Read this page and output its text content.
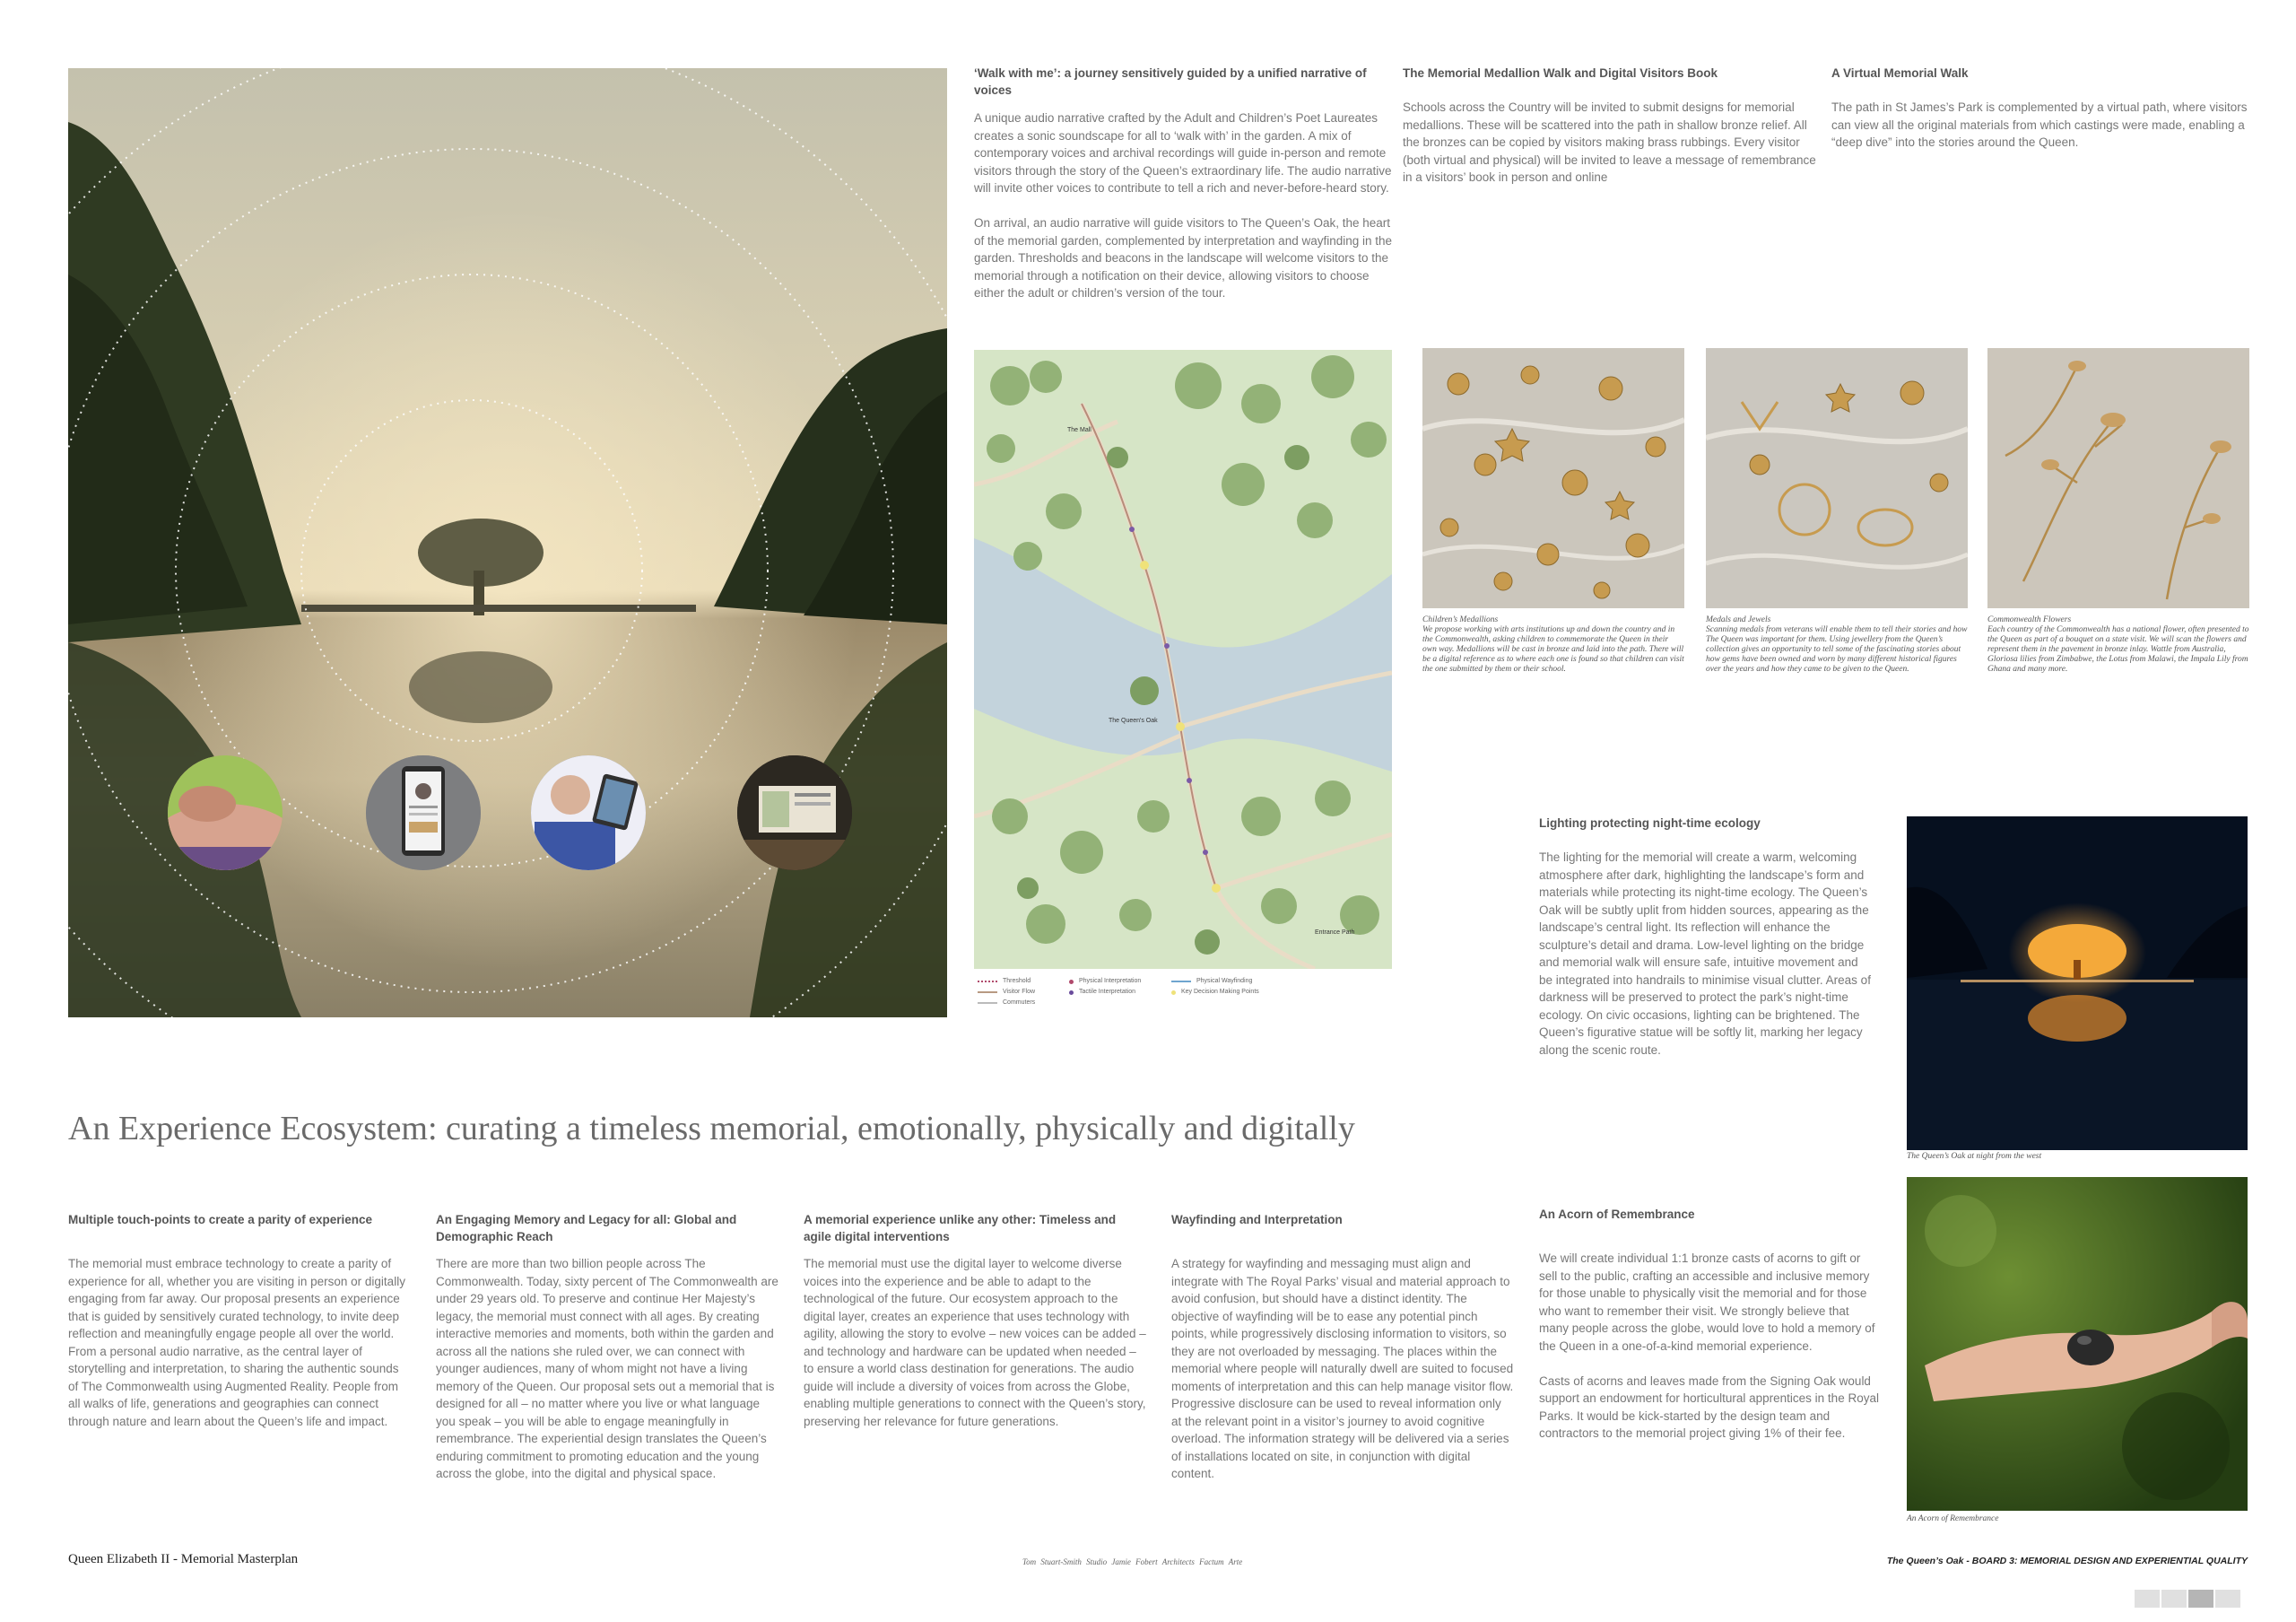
‘Walk with me’: a journey sensitively guided by a unified narrative of voices
A unique audio narrative crafted by the Adult and Children’s Poet Laureates creates a sonic soundscape for all to ‘walk with’ in the garden. A mix of contemporary voices and archival recordings will guide in-person and remote visitors through the story of the Queen’s extraordinary life. The audio narrative will invite other voices to contribute to tell a rich and never-before-heard story.

On arrival, an audio narrative will guide visitors to The Queen’s Oak, the heart of the memorial garden, complemented by interpretation and wayfinding in the garden. Thresholds and beacons in the landscape will welcome visitors to the memorial through a notification on their device, allowing visitors to choose either the adult or children’s version of the tour.
The Memorial Medallion Walk and Digital Visitors Book
Schools across the Country will be invited to submit designs for memorial medallions. These will be scattered into the path in shallow bronze relief. All the bronzes can be copied by visitors making brass rubbings. Every visitor (both virtual and physical) will be invited to leave a message of remembrance in a visitors’ book in person and online
A Virtual Memorial Walk
The path in St James’s Park is complemented by a virtual path, where visitors can view all the original materials from which castings were made, enabling a “deep dive” into the stories around the Queen.
The Mall
The Queen's Oak
Entrance Path
Threshold
Visitor Flow
Commuters
Physical Interpretation
Tactile Interpretation
Physical Wayfinding
Key Decision Making Points
Children’s Medallions
We propose working with arts institutions up and down the country and in the Commonwealth, asking children to commemorate the Queen in their own way. Medallions will be cast in bronze and laid into the path. There will be a digital reference as to where each one is found so that children can visit the one submitted by them or their school.
Medals and Jewels
Scanning medals from veterans will enable them to tell their stories and how The Queen was important for them. Using jewellery from the Queen’s collection gives an opportunity to tell some of the fascinating stories about how gems have been owned and worn by many different historical figures over the years and how they came to be given to the Queen.
Commonwealth Flowers
Each country of the Commonwealth has a national flower, often presented to the Queen as part of a bouquet on a state visit. We will scan the flowers and represent them in the pavement in bronze inlay. Wattle from Australia, Gloriosa lilies from Zimbabwe, the Lotus from Malawi, the Impala Lily from Ghana and many more.
Lighting protecting night-time ecology
The lighting for the memorial will create a warm, welcoming atmosphere after dark, highlighting the landscape’s form and materials while protecting its night-time ecology. The Queen’s Oak will be subtly uplit from hidden sources, appearing as the landscape’s central light. Its reflection will enhance the sculpture’s detail and drama. Low-level lighting on the bridge and memorial walk will ensure safe, intuitive movement and be integrated into handrails to minimise visual clutter. Areas of darkness will be preserved to protect the park’s night-time ecology. On civic occasions, lighting can be brightened. The Queen’s figurative statue will be softly lit, marking her legacy along the scenic route.
The Queen’s Oak at night from the west
An Experience Ecosystem: curating a timeless memorial, emotionally, physically and digitally
Multiple touch-points to create a parity of experience
The memorial must embrace technology to create a parity of experience for all, whether you are visiting in person or digitally engaging from far away. Our proposal presents an experience that is guided by sensitively curated technology, to invite deep reflection and meaningfully engage people all over the world. From a personal audio narrative, as the central layer of storytelling and interpretation, to sharing the authentic sounds of The Commonwealth using Augmented Reality. People from all walks of life, generations and geographies can connect through nature and learn about the Queen’s life and impact.
An Engaging Memory and Legacy for all: Global and Demographic Reach
There are more than two billion people across The Commonwealth. Today, sixty percent of The Commonwealth are under 29 years old. To preserve and continue Her Majesty’s legacy, the memorial must connect with all ages. By creating interactive memories and moments, both within the garden and across all the nations she ruled over, we can connect with younger audiences, many of whom might not have a living memory of the Queen. Our proposal sets out a memorial that is designed for all – no matter where you live or what language you speak – you will be able to engage meaningfully in remembrance. The experiential design translates the Queen’s enduring commitment to promoting education and the young across the globe, into the digital and physical space.
A memorial experience unlike any other: Timeless and agile digital interventions
The memorial must use the digital layer to welcome diverse voices into the experience and be able to adapt to the technological of the future. Our ecosystem approach to the digital layer, creates an experience that uses technology with agility, allowing the story to evolve – new voices can be added – and technology and hardware can be updated when needed – to ensure a world class destination for generations. The audio guide will include a diversity of voices from across the Globe, enabling multiple generations to connect with the Queen’s story, preserving her relevance for future generations.
Wayfinding and Interpretation
A strategy for wayfinding and messaging must align and integrate with The Royal Parks’ visual and material approach to avoid confusion, but should have a distinct identity. The objective of wayfinding will be to ease any potential pinch points, while progressively disclosing information to visitors, so they are not overloaded by messaging. The places within the memorial where people will naturally dwell are suited to focused moments of interpretation and this can help manage visitor flow. Progressive disclosure can be used to reveal information only at the relevant point in a visitor’s journey to avoid cognitive overload. The information strategy will be delivered via a series of installations located on site, in conjunction with digital content.
An Acorn of Remembrance
We will create individual 1:1 bronze casts of acorns to gift or sell to the public, crafting an accessible and inclusive memory for those unable to physically visit the memorial and for those who want to remember their visit. We strongly believe that many people across the globe, would love to hold a memory of the Queen in a one-of-a-kind memorial experience.

Casts of acorns and leaves made from the Signing Oak would support an endowment for horticultural apprentices in the Royal Parks. It would be kick-started by the design team and contractors to the memorial project giving 1% of their fee.
An Acorn of Remembrance
Queen Elizabeth II - Memorial Masterplan	Tom Stuart-Smith Studio Jamie Fobert Architects Factum Arte	The Queen’s Oak - BOARD 3: MEMORIAL DESIGN AND EXPERIENTIAL QUALITY
